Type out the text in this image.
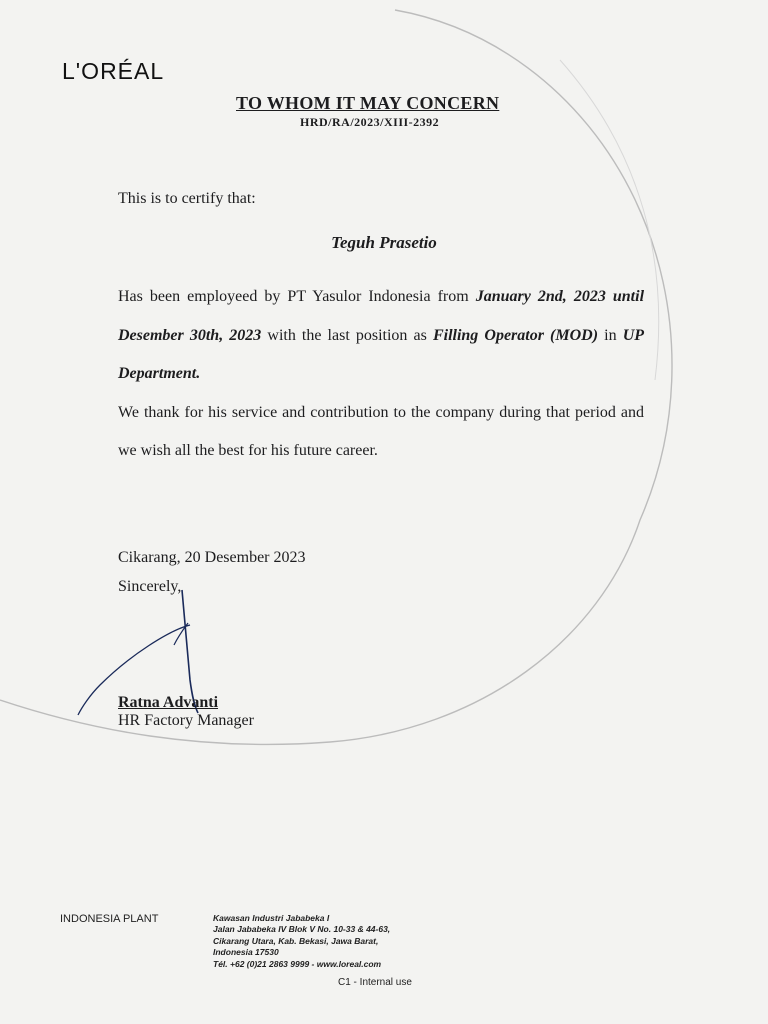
L'ORÉAL
TO WHOM IT MAY CONCERN
HRD/RA/2023/XIII-2392
This is to certify that:
Teguh Prasetio

Has been employeed by PT Yasulor Indonesia from January 2nd, 2023 until Desember 30th, 2023 with the last position as Filling Operator (MOD) in UP Department.

We thank for his service and contribution to the company during that period and we wish all the best for his future career.

Cikarang, 20 Desember 2023
Sincerely,
Ratna Advanti
HR Factory Manager
INDONESIA PLANT	Kawasan Industri Jababeka I
Jalan Jababeka IV Blok V No. 10-33 & 44-63,
Cikarang Utara, Kab. Bekasi, Jawa Barat,
Indonesia 17530
Tél. +62 (0)21 2863 9999 - www.loreal.com
C1 - Internal use
